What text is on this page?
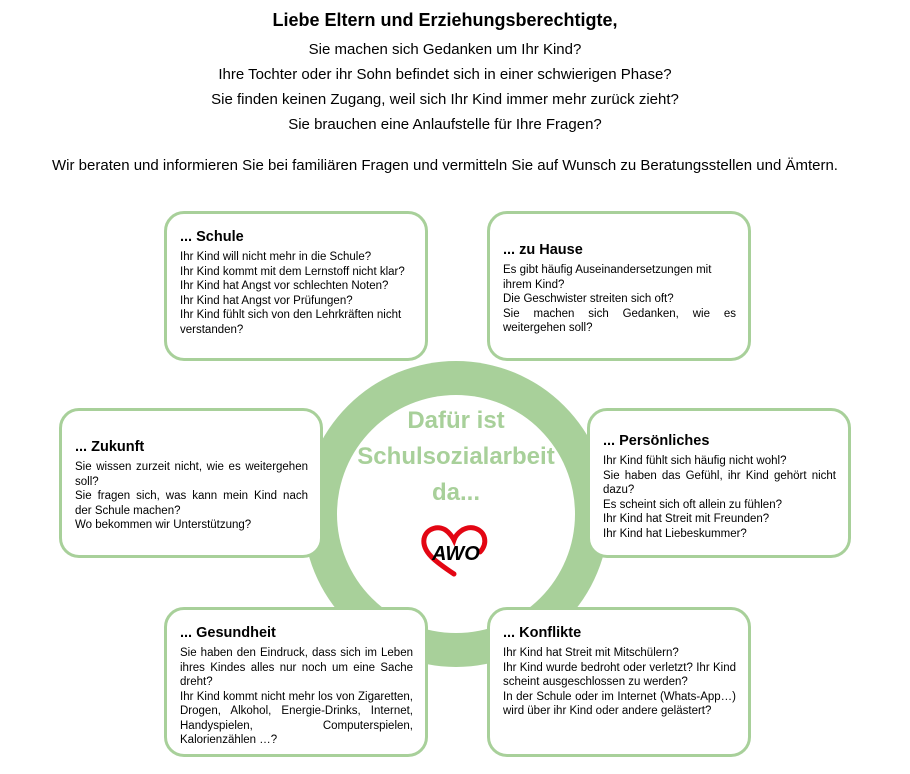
Liebe Eltern und Erziehungsberechtigte,
Sie machen sich Gedanken um Ihr Kind?
Ihre Tochter oder ihr Sohn befindet sich in einer schwierigen Phase?
Sie finden keinen Zugang, weil sich Ihr Kind immer mehr zurück zieht?
Sie brauchen eine Anlaufstelle für Ihre Fragen?
Wir beraten und informieren Sie bei familiären Fragen und vermitteln Sie auf Wunsch zu Beratungsstellen und Ämtern.
Dafür ist
Schulsozialarbeit
da...
AWO
... Schule

Ihr Kind will nicht mehr in die Schule?

Ihr Kind kommt mit dem Lernstoff nicht klar?

Ihr Kind hat Angst vor schlechten Noten?

Ihr Kind hat Angst vor Prüfungen?

Ihr Kind fühlt sich von den Lehrkräften nicht verstanden?

... zu Hause

Es gibt häufig Auseinandersetzungen mit ihrem Kind?

Die Geschwister streiten sich oft?

Sie machen sich Gedanken, wie es weitergehen soll?

... Zukunft

Sie wissen zurzeit nicht, wie es weitergehen soll?

Sie fragen sich, was kann mein Kind nach der Schule machen?

Wo bekommen wir Unterstützung?

... Persönliches

Ihr Kind fühlt sich häufig nicht wohl?

Sie haben das Gefühl, ihr Kind gehört nicht dazu?

Es scheint sich oft allein zu fühlen?

Ihr Kind hat Streit mit Freunden?

Ihr Kind hat Liebeskummer?

... Gesundheit

Sie haben den Eindruck, dass sich im Leben ihres Kindes alles nur noch um eine Sache dreht?

Ihr Kind kommt nicht mehr los von Zigaretten, Drogen, Alkohol, Energie-Drinks, Internet, Handyspielen, Computerspielen, Kalorienzählen …?

... Konflikte

Ihr Kind hat Streit mit Mitschülern?

Ihr Kind wurde bedroht oder verletzt? Ihr Kind scheint ausgeschlossen zu werden?

In der Schule oder im Internet (Whats-App…) wird über ihr Kind oder andere gelästert?
